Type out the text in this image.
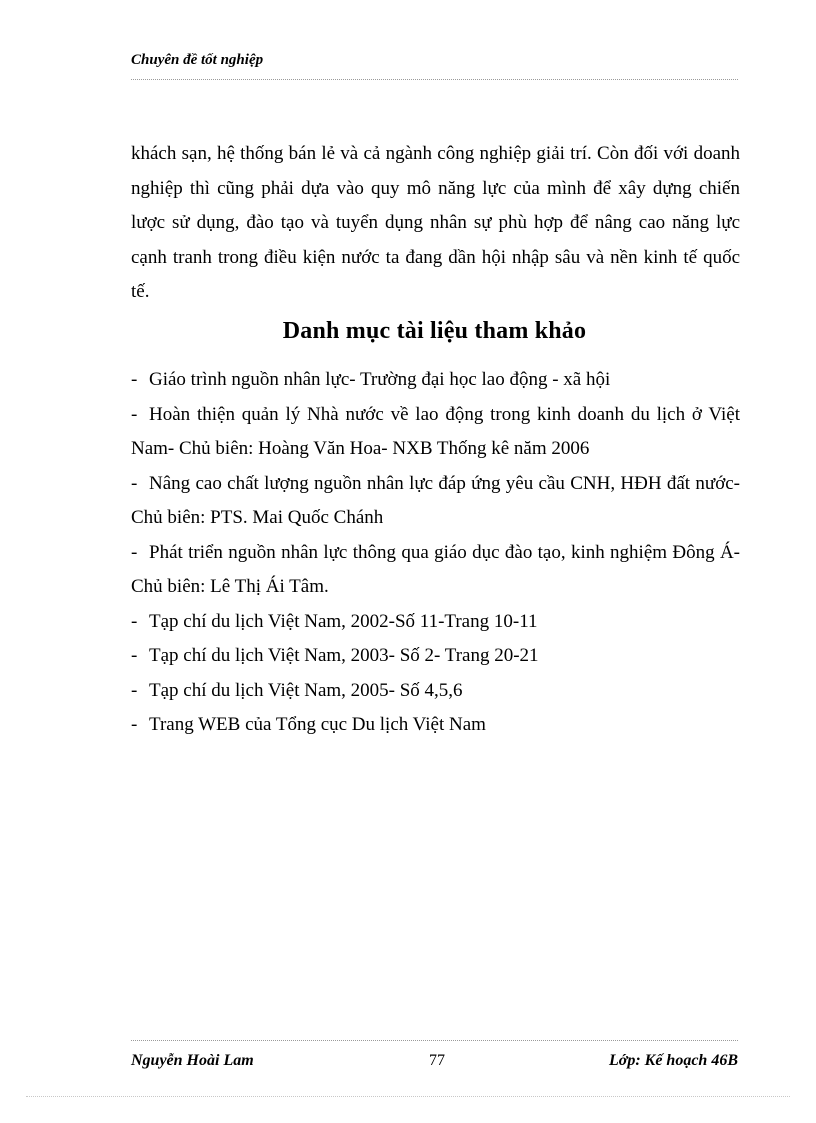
Chuyên đề tốt nghiệp

khách sạn, hệ thống bán lẻ và cả ngành công nghiệp giải trí. Còn đối với doanh nghiệp thì cũng phải dựa vào quy mô năng lực của mình để xây dựng chiến lược sử dụng, đào tạo và tuyển dụng nhân sự phù hợp để nâng cao năng lực cạnh tranh trong điều kiện nước ta đang dần hội nhập sâu và nền kinh tế quốc tế.

Danh mục tài liệu tham khảo
- Giáo trình nguồn nhân lực- Trường đại học lao động - xã hội
- Hoàn thiện quản lý Nhà nước về lao động trong kinh doanh du lịch ở Việt Nam- Chủ biên: Hoàng Văn Hoa- NXB Thống kê năm 2006
- Nâng cao chất lượng nguồn nhân lực đáp ứng yêu cầu CNH, HĐH đất nước- Chủ biên: PTS. Mai Quốc Chánh
- Phát triển nguồn nhân lực thông qua giáo dục đào tạo, kinh nghiệm Đông Á- Chủ biên: Lê Thị Ái Tâm.
- Tạp chí du lịch Việt Nam, 2002-Số 11-Trang 10-11
- Tạp chí du lịch Việt Nam, 2003- Số 2- Trang 20-21
- Tạp chí du lịch Việt Nam, 2005- Số 4,5,6
- Trang WEB của Tổng cục Du lịch Việt Nam
Nguyễn Hoài Lam	77	Lớp: Kế hoạch 46B
